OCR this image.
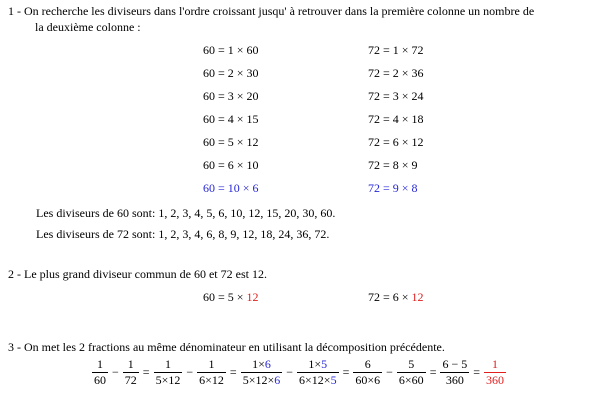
1 - On recherche les diviseurs dans l'ordre croissant jusqu' à retrouver dans la première colonne un nombre de
la deuxième colonne :
60 = 1 × 60
60 = 2 × 30
60 = 3 × 20
60 = 4 × 15
60 = 5 × 12
60 = 6 × 10
60 = 10 × 6
72 = 1 × 72
72 = 2 × 36
72 = 3 × 24
72 = 4 × 18
72 = 6 × 12
72 = 8 × 9
72 = 9 × 8
Les diviseurs de 60 sont: 1, 2, 3, 4, 5, 6, 10, 12, 15, 20, 30, 60.
Les diviseurs de 72 sont: 1, 2, 3, 4, 6, 8, 9, 12, 18, 24, 36, 72.
2 - Le plus grand diviseur commun de 60 et 72 est 12.
60 = 5 × 12	72 = 6 × 12
3 - On met les 2 fractions au même dénominateur en utilisant la décomposition précédente.
$\frac{1}{60} - \frac{1}{72} = \frac{1}{5\times 12} - \frac{1}{6\times 12} = \frac{1\times 6}{5\times 12\times 6} - \frac{1\times 5}{6\times 12\times 5} = \frac{6}{60\times 6} - \frac{5}{6\times 60} = \frac{6 - 5}{360} = \frac{1}{360}$
